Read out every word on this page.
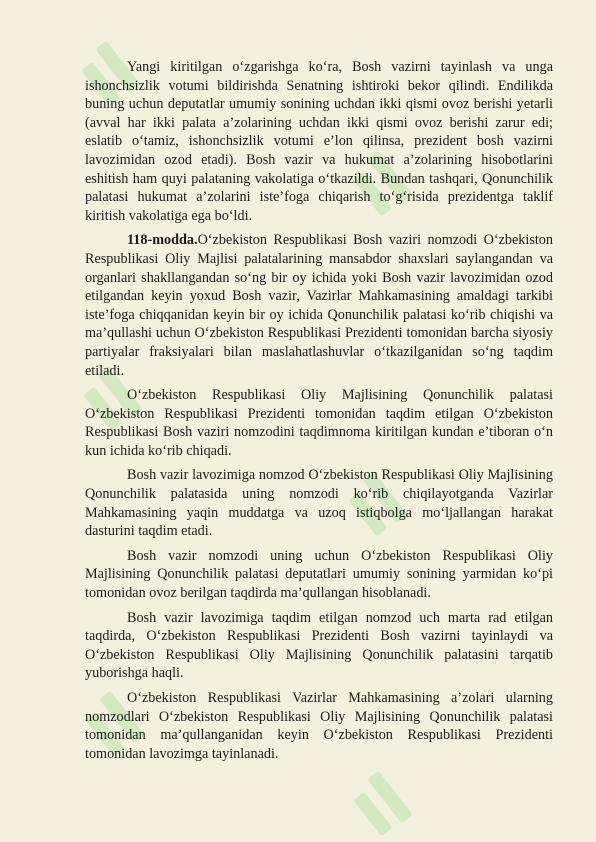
Yangi kiritilgan o‘zgarishga ko‘ra, Bosh vazirni tayinlash va unga ishonchsizlik votumi bildirishda Senatning ishtiroki bekor qilindi. Endilikda buning uchun deputatlar umumiy sonining uchdan ikki qismi ovoz berishi yetarli (avval har ikki palata a’zolarining uchdan ikki qismi ovoz berishi zarur edi; eslatib o‘tamiz, ishonchsizlik votumi e’lon qilinsa, prezident bosh vazirni lavozimidan ozod etadi). Bosh vazir va hukumat a’zolarining hisobotlarini eshitish ham quyi palataning vakolatiga o‘tkazildi. Bundan tashqari, Qonunchilik palatasi hukumat a’zolarini iste’foga chiqarish to‘g‘risida prezidentga taklif kiritish vakolatiga ega bo‘ldi.

118-modda.O‘zbekiston Respublikasi Bosh vaziri nomzodi O‘zbekiston Respublikasi Oliy Majlisi palatalarining mansabdor shaxslari saylangandan va organlari shakllangandan so‘ng bir oy ichida yoki Bosh vazir lavozimidan ozod etilgandan keyin yoxud Bosh vazir, Vazirlar Mahkamasining amaldagi tarkibi iste’foga chiqqanidan keyin bir oy ichida Qonunchilik palatasi ko‘rib chiqishi va ma’qullashi uchun O‘zbekiston Respublikasi Prezidenti tomonidan barcha siyosiy partiyalar fraksiyalari bilan maslahatlashuvlar o‘tkazilganidan so‘ng taqdim etiladi.

O‘zbekiston Respublikasi Oliy Majlisining Qonunchilik palatasi O‘zbekiston Respublikasi Prezidenti tomonidan taqdim etilgan O‘zbekiston Respublikasi Bosh vaziri nomzodini taqdimnoma kiritilgan kundan e’tiboran o‘n kun ichida ko‘rib chiqadi.

Bosh vazir lavozimiga nomzod O‘zbekiston Respublikasi Oliy Majlisining Qonunchilik palatasida uning nomzodi ko‘rib chiqilayotganda Vazirlar Mahkamasining yaqin muddatga va uzoq istiqbolga mo‘ljallangan harakat dasturini taqdim etadi.

Bosh vazir nomzodi uning uchun O‘zbekiston Respublikasi Oliy Majlisining Qonunchilik palatasi deputatlari umumiy sonining yarmidan ko‘pi tomonidan ovoz berilgan taqdirda ma’qullangan hisoblanadi.

Bosh vazir lavozimiga taqdim etilgan nomzod uch marta rad etilgan taqdirda, O‘zbekiston Respublikasi Prezidenti Bosh vazirni tayinlaydi va O‘zbekiston Respublikasi Oliy Majlisining Qonunchilik palatasini tarqatib yuborishga haqli.

O‘zbekiston Respublikasi Vazirlar Mahkamasining a’zolari ularning nomzodlari O‘zbekiston Respublikasi Oliy Majlisining Qonunchilik palatasi tomonidan ma’qullanganidan keyin O‘zbekiston Respublikasi Prezidenti tomonidan lavozimga tayinlanadi.
